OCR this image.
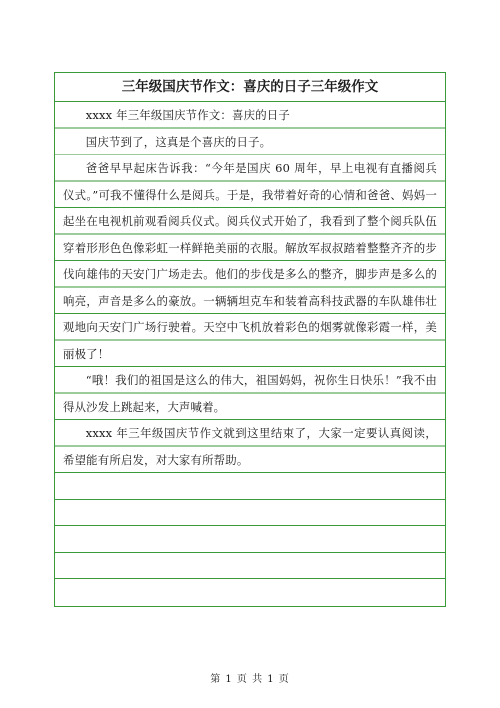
三年级国庆节作文：喜庆的日子三年级作文

xxxx 年三年级国庆节作文：喜庆的日子

国庆节到了，这真是个喜庆的日子。

爸爸早早起床告诉我：“今年是国庆 60 周年，早上电视有直播阅兵仪式。”可我不懂得什么是阅兵。于是，我带着好奇的心情和爸爸、妈妈一起坐在电视机前观看阅兵仪式。阅兵仪式开始了，我看到了整个阅兵队伍穿着形形色色像彩虹一样鲜艳美丽的衣服。解放军叔叔踏着整整齐齐的步伐向雄伟的天安门广场走去。他们的步伐是多么的整齐，脚步声是多么的响亮，声音是多么的豪放。一辆辆坦克车和装着高科技武器的车队雄伟壮观地向天安门广场行驶着。天空中飞机放着彩色的烟雾就像彩霞一样，美丽极了！

“哦！我们的祖国是这么的伟大，祖国妈妈，祝你生日快乐！”我不由得从沙发上跳起来，大声喊着。

xxxx 年三年级国庆节作文就到这里结束了，大家一定要认真阅读，希望能有所启发，对大家有所帮助。

第 1 页 共 1 页
